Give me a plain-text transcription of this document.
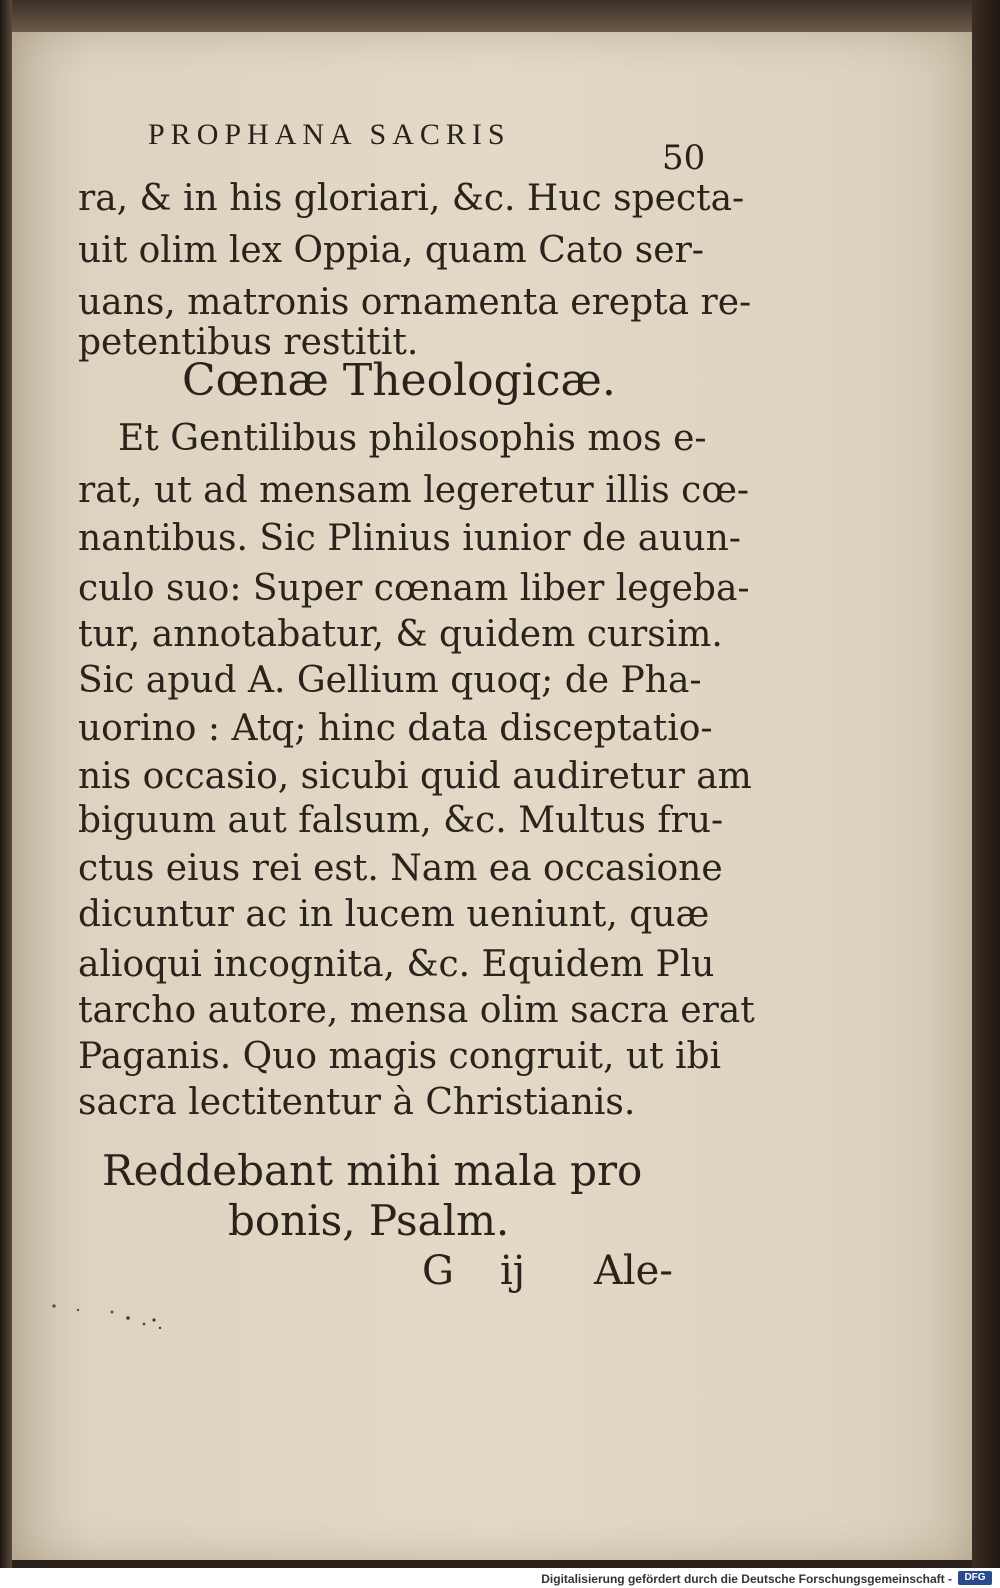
PROPHANA SACRIS
50
ra, & in his gloriari, &c. Huc specta-
uit olim lex Oppia, quam Cato ser-
uans, matronis ornamenta erepta re-
petentibus restitit.
Cœnæ Theologicæ.
Et Gentilibus philosophis mos e-
rat, ut ad mensam legeretur illis cœ-
nantibus. Sic Plinius iunior de auun-
culo suo: Super cœnam liber legeba-
tur, annotabatur, & quidem cursim.
Sic apud A. Gellium quoq; de Pha-
uorino : Atq; hinc data disceptatio-
nis occasio, sicubi quid audiretur am
biguum aut falsum, &c. Multus fru-
ctus eius rei est. Nam ea occasione
dicuntur ac in lucem ueniunt, quæ
alioqui incognita, &c. Equidem Plu
tarcho autore, mensa olim sacra erat
Paganis. Quo magis congruit, ut ibi
sacra lectitentur à Christianis.
Reddebant mihi mala pro
bonis, Psalm.
G ij Ale-
Digitalisierung gefördert durch die Deutsche Forschungsgemeinschaft -	DFG
